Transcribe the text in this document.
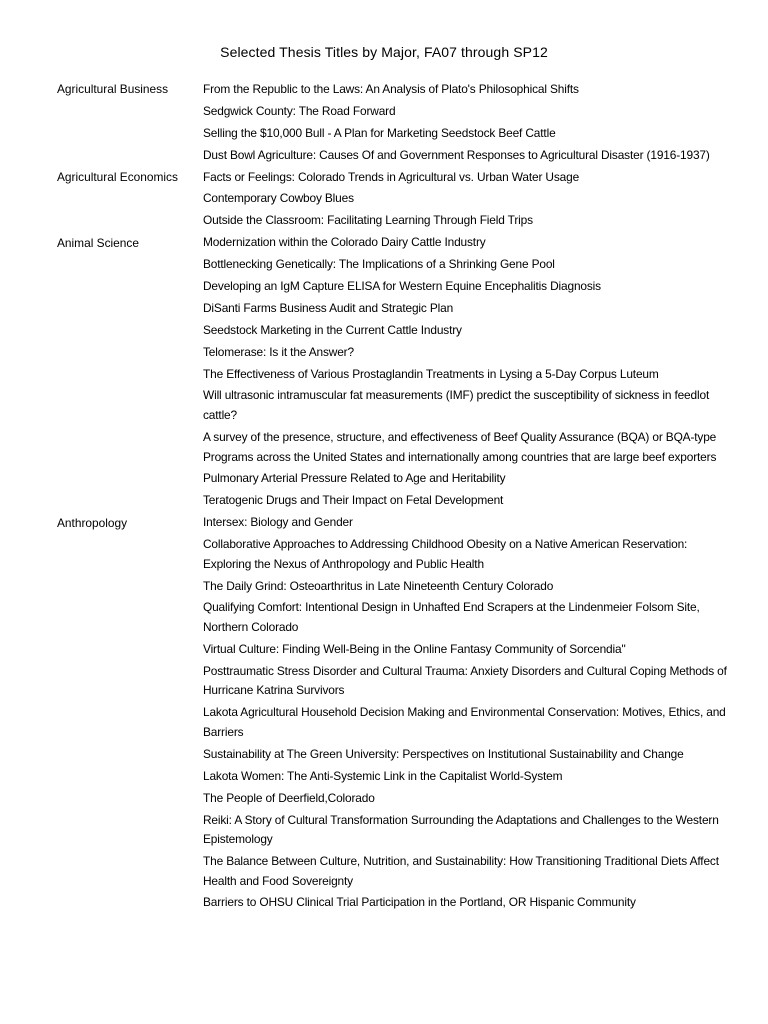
Selected Thesis Titles by Major, FA07 through SP12
Agricultural Business	From the Republic to the Laws: An Analysis of Plato's Philosophical Shifts
Sedgwick County: The Road Forward
Selling the $10,000 Bull - A Plan for Marketing Seedstock Beef Cattle
Dust Bowl Agriculture: Causes Of and Government Responses to Agricultural Disaster (1916-1937)
Agricultural Economics	Facts or Feelings: Colorado Trends in Agricultural vs. Urban Water Usage
Contemporary Cowboy Blues
Outside the Classroom: Facilitating Learning Through Field Trips
Animal Science	Modernization within the Colorado Dairy Cattle Industry
Bottlenecking Genetically: The Implications of a Shrinking Gene Pool
Developing an IgM Capture ELISA for Western Equine Encephalitis Diagnosis
DiSanti Farms Business Audit and Strategic Plan
Seedstock Marketing in the Current Cattle Industry
Telomerase: Is it the Answer?
The Effectiveness of Various Prostaglandin Treatments in Lysing a 5-Day Corpus Luteum
Will ultrasonic intramuscular fat measurements (IMF) predict the susceptibility of sickness in feedlot cattle?
A survey of the presence, structure, and effectiveness of Beef Quality Assurance (BQA) or BQA-type Programs across the United States and internationally among countries that are large beef exporters
Pulmonary Arterial Pressure Related to Age and Heritability
Teratogenic Drugs and Their Impact on Fetal Development
Anthropology	Intersex: Biology and Gender
Collaborative Approaches to Addressing Childhood Obesity on a Native American Reservation: Exploring the Nexus of Anthropology and Public Health
The Daily Grind: Osteoarthritus in Late Nineteenth Century Colorado
Qualifying Comfort: Intentional Design in Unhafted End Scrapers at the Lindenmeier Folsom Site, Northern Colorado
Virtual Culture: Finding Well-Being in the Online Fantasy Community of Sorcendia"
Posttraumatic Stress Disorder and Cultural Trauma: Anxiety Disorders and Cultural Coping Methods of Hurricane Katrina Survivors
Lakota Agricultural Household Decision Making and Environmental Conservation: Motives, Ethics, and Barriers
Sustainability at The Green University: Perspectives on Institutional Sustainability and Change
Lakota Women: The Anti-Systemic Link in the Capitalist World-System
The People of Deerfield,Colorado
Reiki: A Story of Cultural Transformation Surrounding the Adaptations and Challenges to the Western Epistemology
The Balance Between Culture, Nutrition, and Sustainability: How Transitioning Traditional Diets Affect Health and Food Sovereignty
Barriers to OHSU Clinical Trial Participation in the Portland, OR Hispanic Community
